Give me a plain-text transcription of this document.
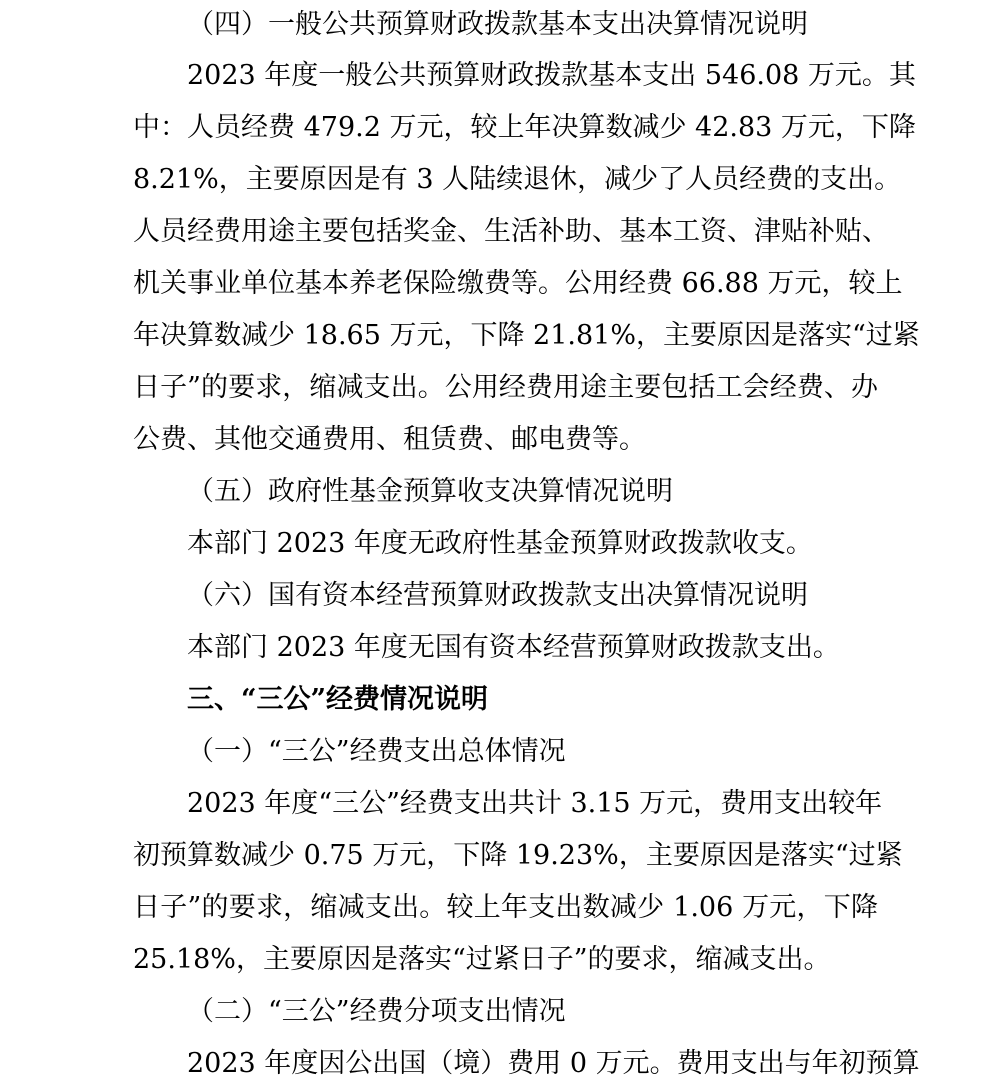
（四）一般公共预算财政拨款基本支出决算情况说明
2023 年度一般公共预算财政拨款基本支出 546.08 万元。其
中：人员经费 479.2 万元，较上年决算数减少 42.83 万元，下降
8.21%，主要原因是有 3 人陆续退休，减少了人员经费的支出。
人员经费用途主要包括奖金、生活补助、基本工资、津贴补贴、
机关事业单位基本养老保险缴费等。公用经费 66.88 万元，较上
年决算数减少 18.65 万元，下降 21.81%，主要原因是落实“过紧
日子”的要求，缩减支出。公用经费用途主要包括工会经费、办
公费、其他交通费用、租赁费、邮电费等。
（五）政府性基金预算收支决算情况说明
本部门 2023 年度无政府性基金预算财政拨款收支。
（六）国有资本经营预算财政拨款支出决算情况说明
本部门 2023 年度无国有资本经营预算财政拨款支出。
三、“三公”经费情况说明
（一）“三公”经费支出总体情况
2023 年度“三公”经费支出共计 3.15 万元，费用支出较年
初预算数减少 0.75 万元，下降 19.23%，主要原因是落实“过紧
日子”的要求，缩减支出。较上年支出数减少 1.06 万元，下降
25.18%，主要原因是落实“过紧日子”的要求，缩减支出。
（二）“三公”经费分项支出情况
2023 年度因公出国（境）费用 0 万元。费用支出与年初预算
